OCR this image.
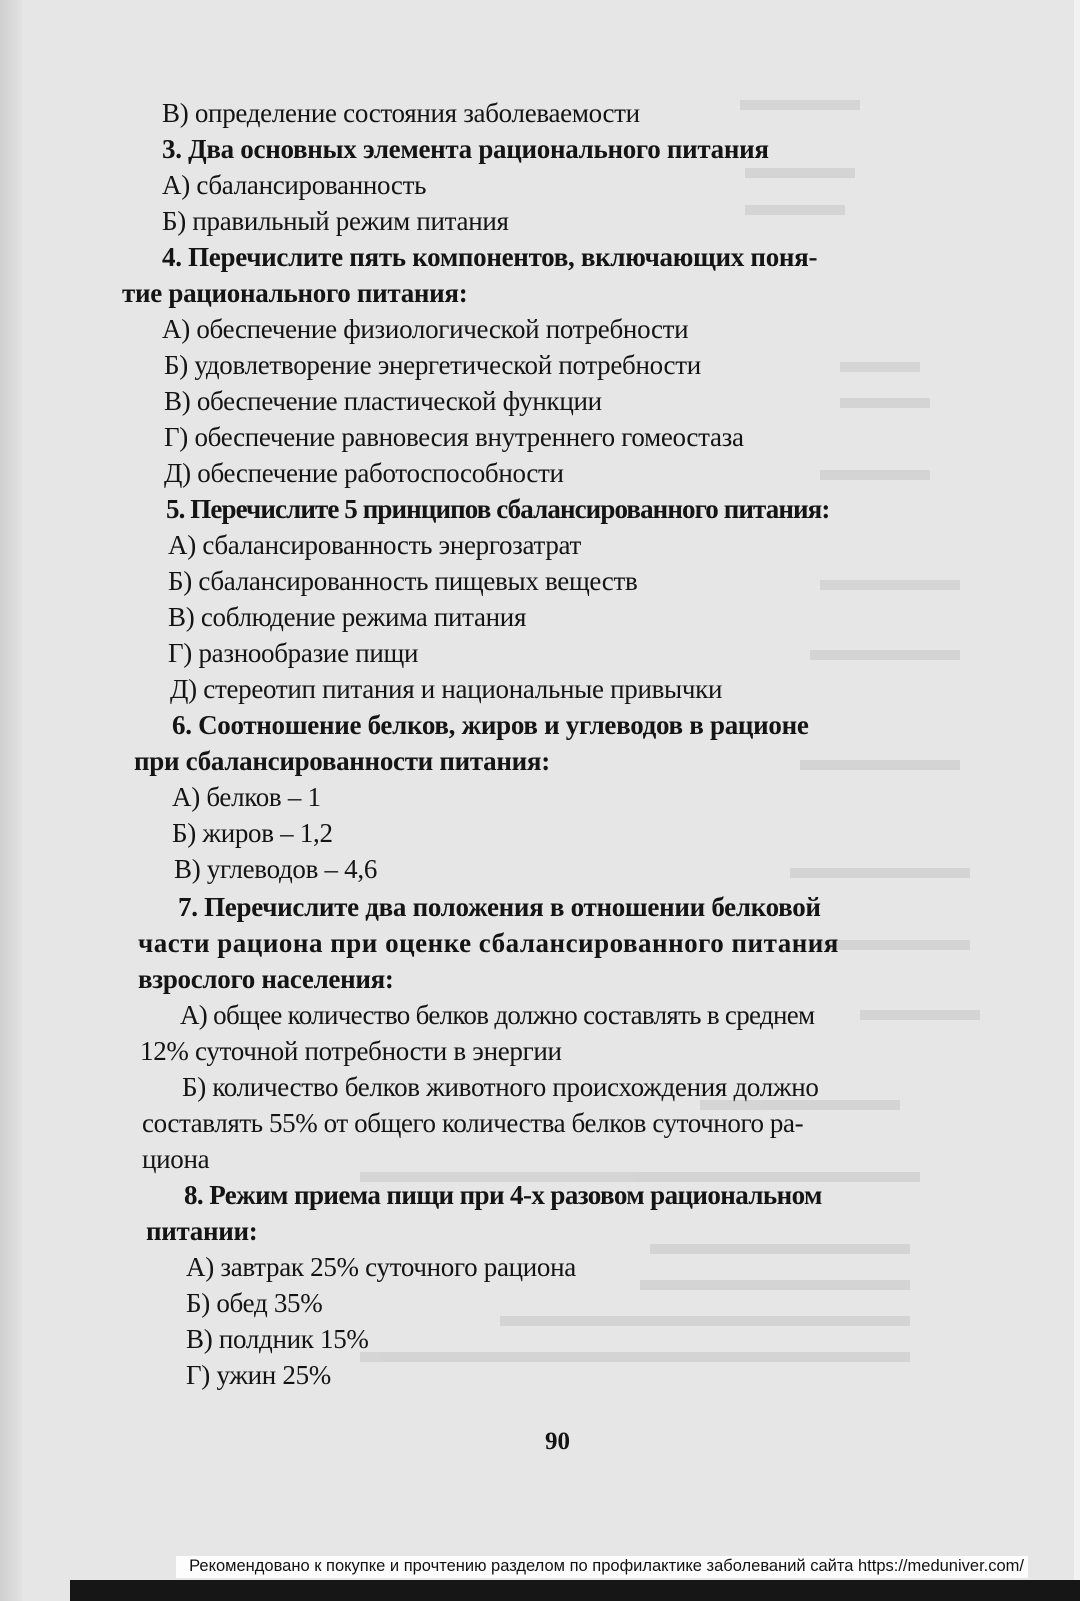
В) определение состояния заболеваемости
3. Два основных элемента рационального питания
А) сбалансированность
Б) правильный режим питания
4. Перечислите пять компонентов, включающих поня-
тие рационального питания:
А) обеспечение физиологической потребности
Б) удовлетворение энергетической потребности
В) обеспечение пластической функции
Г) обеспечение равновесия внутреннего гомеостаза
Д) обеспечение работоспособности
5. Перечислите 5 принципов сбалансированного питания:
А) сбалансированность энергозатрат
Б) сбалансированность пищевых веществ
В) соблюдение режима питания
Г) разнообразие пищи
Д) стереотип питания и национальные привычки
6. Соотношение белков, жиров и углеводов в рационе
при сбалансированности питания:
А) белков – 1
Б) жиров – 1,2
В) углеводов – 4,6
7. Перечислите два положения в отношении белковой
части рациона при оценке сбалансированного питания
взрослого населения:
А) общее количество белков должно составлять в среднем
12% суточной потребности в энергии
Б) количество белков животного происхождения должно
составлять 55% от общего количества белков суточного ра-
циона
8. Режим приема пищи при 4-х разовом рациональном
питании:
А) завтрак 25% суточного рациона
Б) обед 35%
В) полдник 15%
Г) ужин 25%
90
Рекомендовано к покупке и прочтению разделом по профилактике заболеваний сайта https://meduniver.com/
